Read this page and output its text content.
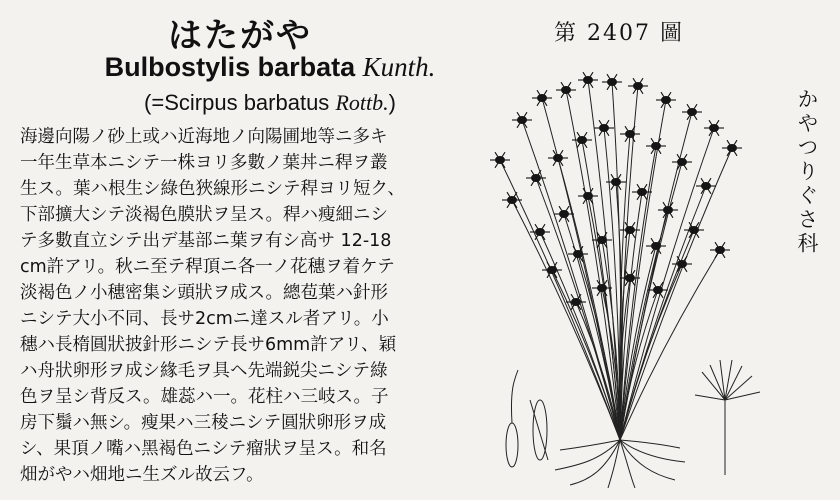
はたがや
Bulbostylis barbata Kunth.
(=Scirpus barbatus Rottb.)
海邊向陽ノ砂上或ハ近海地ノ向陽圃地等ニ多キ
一年生草本ニシテ一株ヨリ多數ノ葉丼ニ稈ヲ叢
生ス。葉ハ根生シ綠色狹線形ニシテ稈ヨリ短ク、
下部擴大シテ淡褐色膜狀ヲ呈ス。稈ハ瘦細ニシ
テ多數直立シテ出デ基部ニ葉ヲ有シ高サ 12-18
cm許アリ。秋ニ至テ稈頂ニ各一ノ花穗ヲ着ケテ
淡褐色ノ小穗密集シ頭狀ヲ成ス。總苞葉ハ針形
ニシテ大小不同、長サ2cmニ達スル者アリ。小
穗ハ長楕圓狀披針形ニシテ長サ6mm許アリ、穎
ハ舟狀卵形ヲ成シ緣毛ヲ具ヘ先端鋭尖ニシテ綠
色ヲ呈シ背反ス。雄蕊ハ一。花柱ハ三岐ス。子
房下鬚ハ無シ。瘦果ハ三稜ニシテ圓狀卵形ヲ成
シ、果頂ノ嘴ハ黑褐色ニシテ瘤狀ヲ呈ス。和名
畑がやハ畑地ニ生ズル故云フ。
第 2407 圖
かやつりぐさ科
